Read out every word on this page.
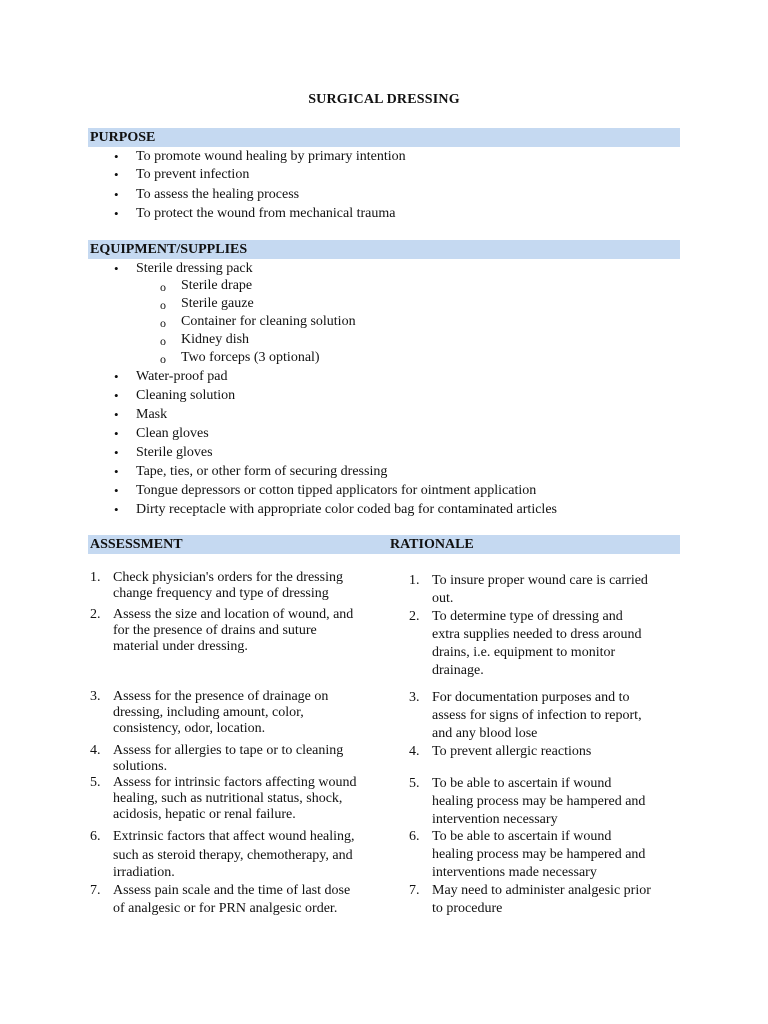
SURGICAL DRESSING
PURPOSE
• To promote wound healing by primary intention
• To prevent infection
• To assess the healing process
• To protect the wound from mechanical trauma
EQUIPMENT/SUPPLIES
• Sterile dressing pack
o Sterile drape
o Sterile gauze
o Container for cleaning solution
o Kidney dish
o Two forceps (3 optional)
• Water-proof pad
• Cleaning solution
• Mask
• Clean gloves
• Sterile gloves
• Tape, ties, or other form of securing dressing
• Tongue depressors or cotton tipped applicators for ointment application
• Dirty receptacle with appropriate color coded bag for contaminated articles
ASSESSMENT	RATIONALE
1. Check physician's orders for the dressing
change frequency and type of dressing
1. To insure proper wound care is carried
out.
2. Assess the size and location of wound, and
for the presence of drains and suture
material under dressing.
2. To determine type of dressing and
extra supplies needed to dress around
drains, i.e. equipment to monitor
drainage.
3. Assess for the presence of drainage on
dressing, including amount, color,
consistency, odor, location.
3. For documentation purposes and to
assess for signs of infection to report,
and any blood lose
4. Assess for allergies to tape or to cleaning
solutions.
4. To prevent allergic reactions
5. Assess for intrinsic factors affecting wound
healing, such as nutritional status, shock,
acidosis, hepatic or renal failure.
5. To be able to ascertain if wound
healing process may be hampered and
intervention necessary
6. Extrinsic factors that affect wound healing,
such as steroid therapy, chemotherapy, and
irradiation.
6. To be able to ascertain if wound
healing process may be hampered and
interventions made necessary
7. Assess pain scale and the time of last dose
of analgesic or for PRN analgesic order.
7. May need to administer analgesic prior
to procedure
